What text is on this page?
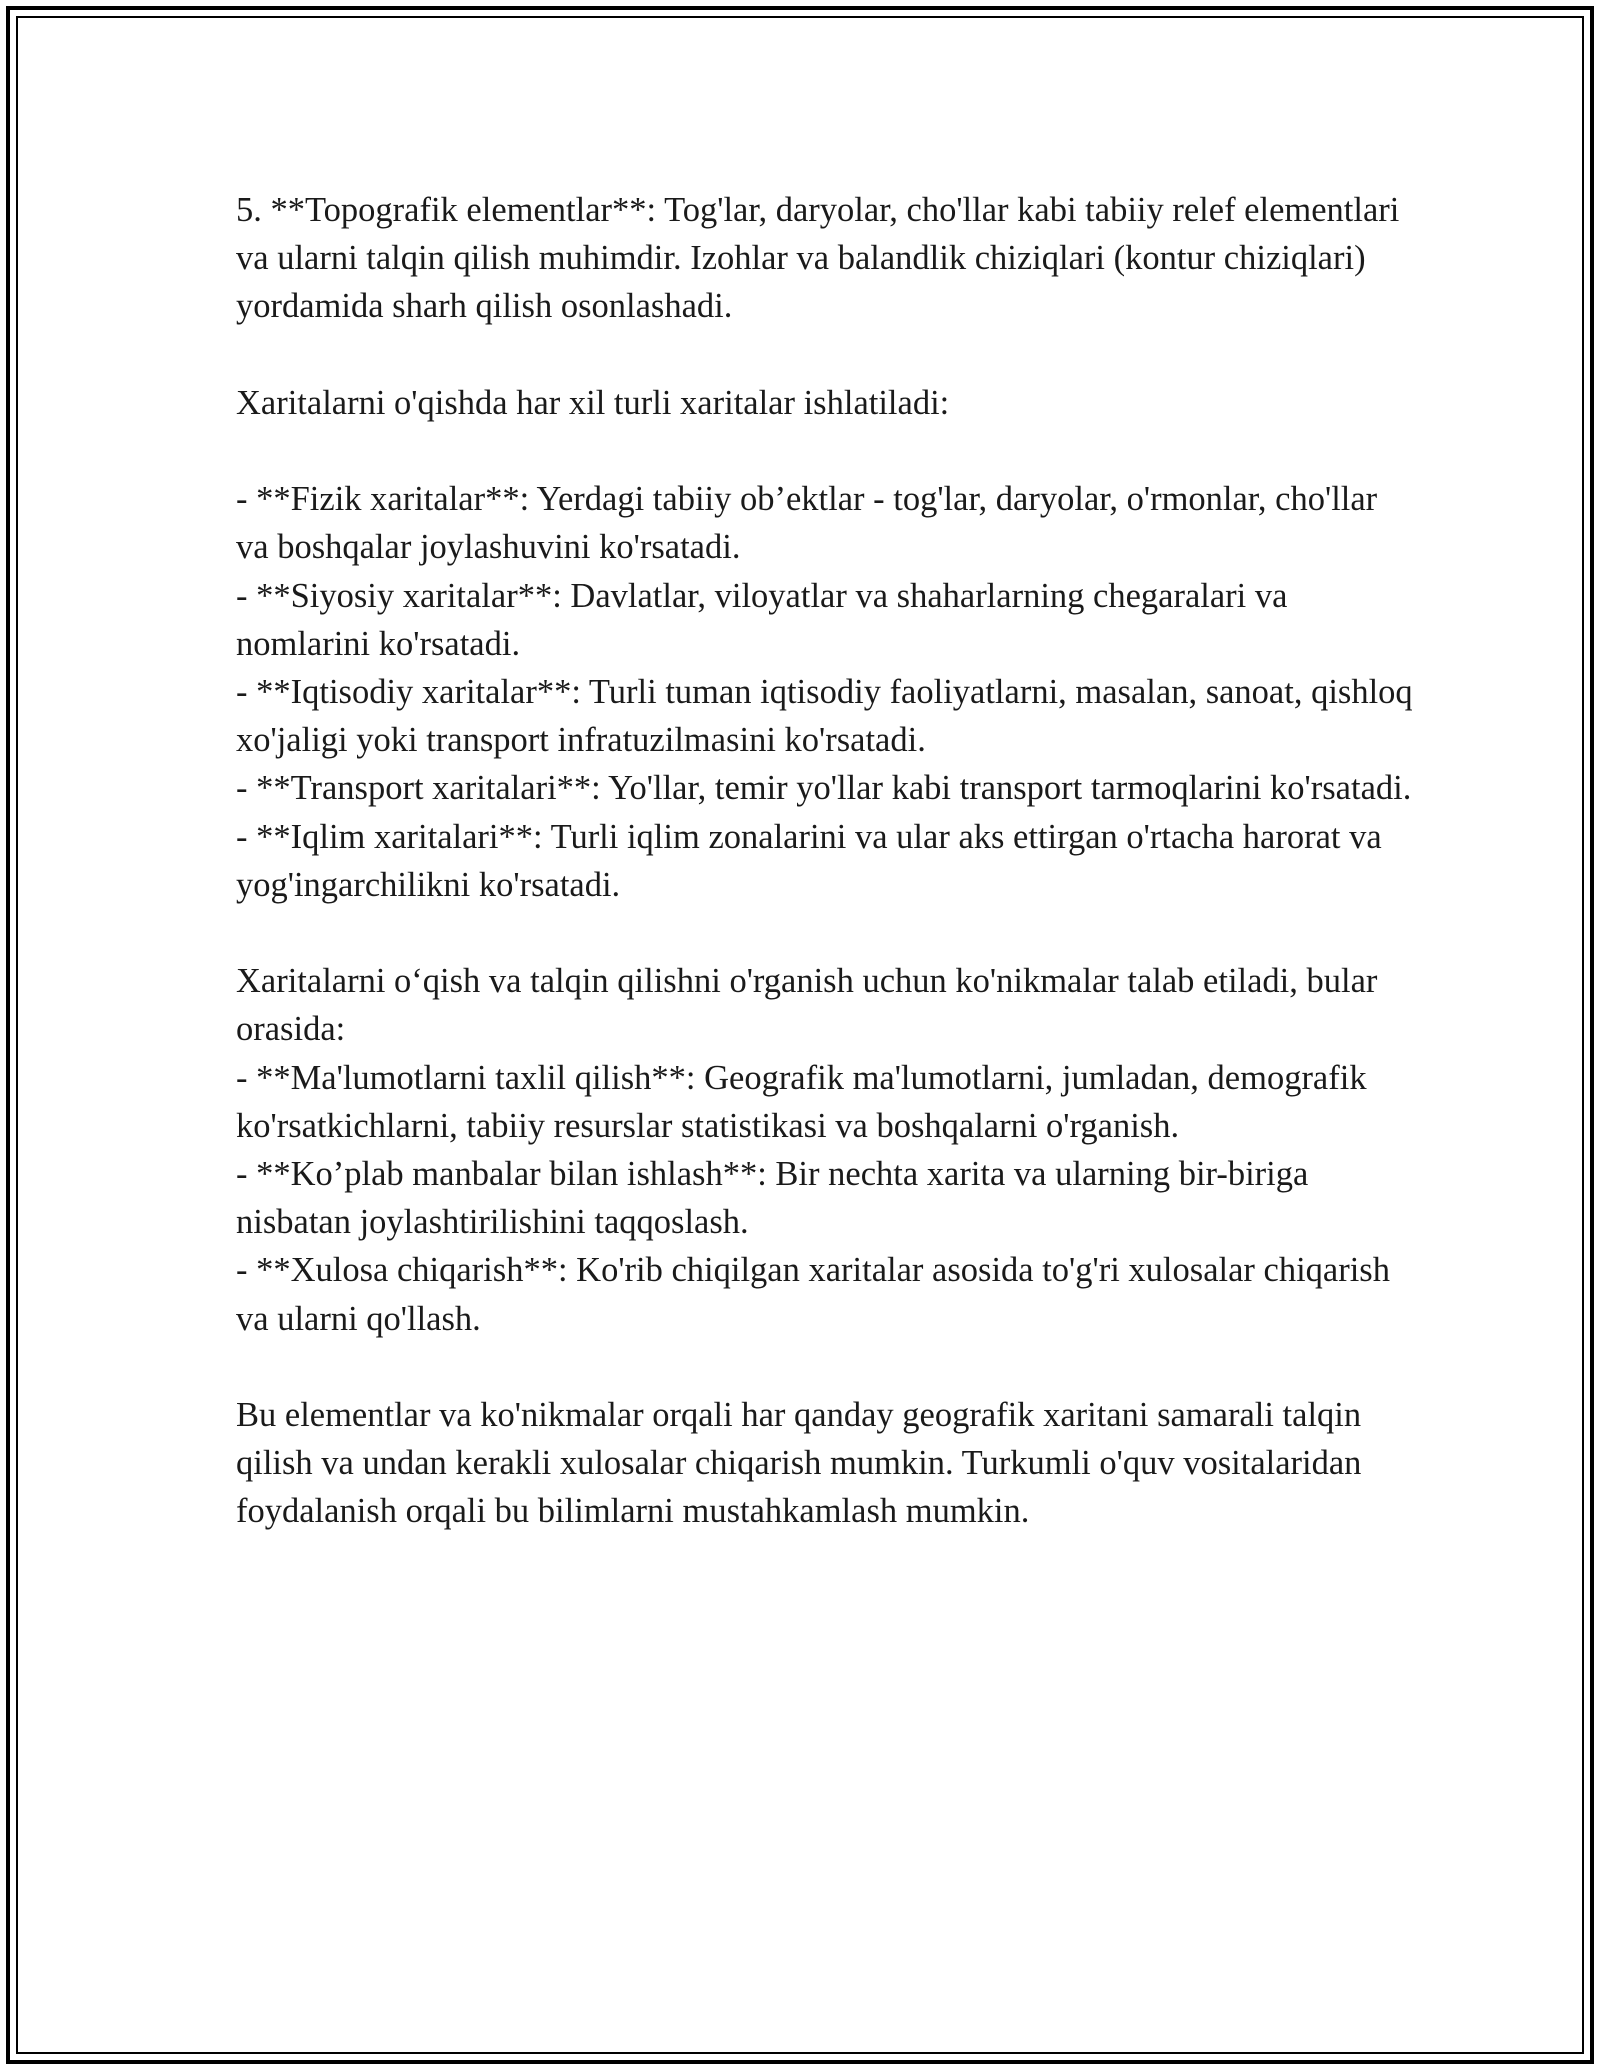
5. **Topografik elementlar**: Tog'lar, daryolar, cho'llar kabi tabiiy relef elementlari va ularni talqin qilish muhimdir. Izohlar va balandlik chiziqlari (kontur chiziqlari) yordamida sharh qilish osonlashadi.

Xaritalarni o'qishda har xil turli xaritalar ishlatiladi:

- **Fizik xaritalar**: Yerdagi tabiiy ob’ektlar - tog'lar, daryolar, o'rmonlar, cho'llar va boshqalar joylashuvini ko'rsatadi.

- **Siyosiy xaritalar**: Davlatlar, viloyatlar va shaharlarning chegaralari va nomlarini ko'rsatadi.

- **Iqtisodiy xaritalar**: Turli tuman iqtisodiy faoliyatlarni, masalan, sanoat, qishloq xo'jaligi yoki transport infratuzilmasini ko'rsatadi.

- **Transport xaritalari**: Yo'llar, temir yo'llar kabi transport tarmoqlarini ko'rsatadi.

- **Iqlim xaritalari**: Turli iqlim zonalarini va ular aks ettirgan o'rtacha harorat va yog'ingarchilikni ko'rsatadi.

Xaritalarni o‘qish va talqin qilishni o'rganish uchun ko'nikmalar talab etiladi, bular orasida:

- **Ma'lumotlarni taxlil qilish**: Geografik ma'lumotlarni, jumladan, demografik ko'rsatkichlarni, tabiiy resurslar statistikasi va boshqalarni o'rganish.

- **Ko’plab manbalar bilan ishlash**: Bir nechta xarita va ularning bir-biriga nisbatan joylashtirilishini taqqoslash.

- **Xulosa chiqarish**: Ko'rib chiqilgan xaritalar asosida to'g'ri xulosalar chiqarish va ularni qo'llash.

Bu elementlar va ko'nikmalar orqali har qanday geografik xaritani samarali talqin qilish va undan kerakli xulosalar chiqarish mumkin. Turkumli o'quv vositalaridan foydalanish orqali bu bilimlarni mustahkamlash mumkin.
